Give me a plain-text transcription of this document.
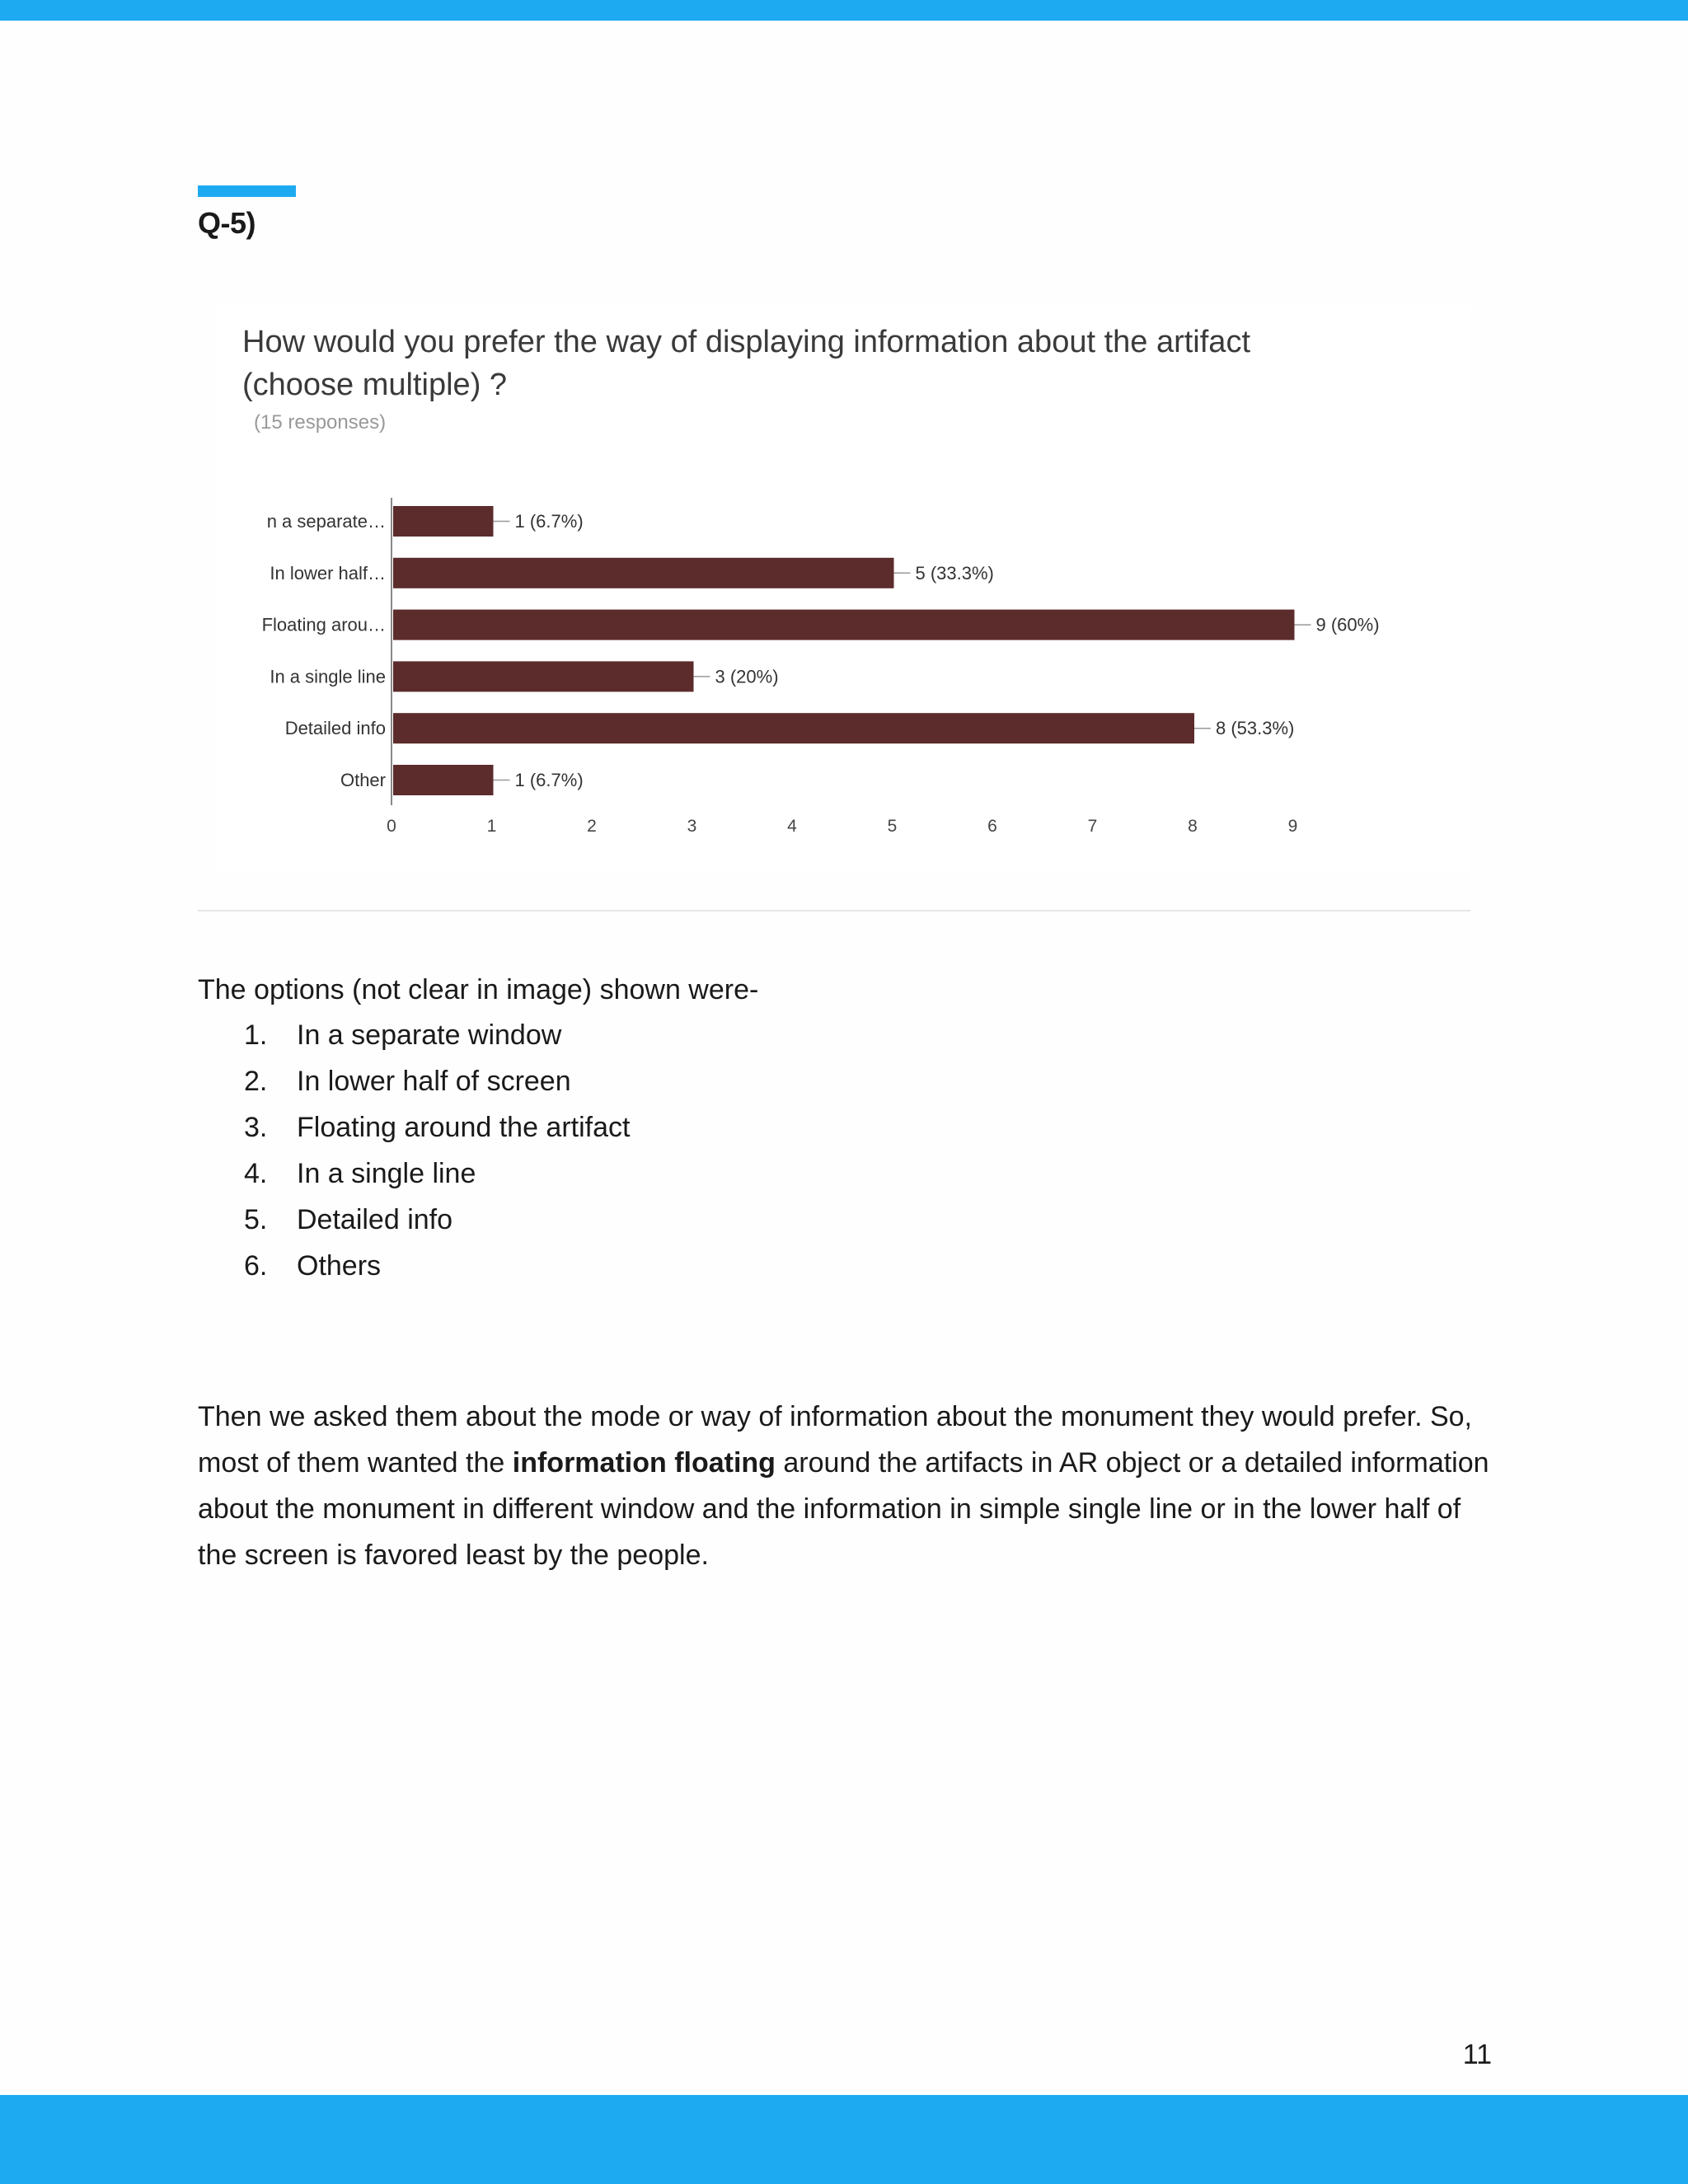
Q-5)
How would you prefer the way of displaying information about the artifact
(choose multiple) ?
(15 responses)
n a separate…	1 (6.7%)
In lower half…	5 (33.3%)
Floating arou…	9 (60%)
In a single line	3 (20%)
Detailed info	8 (53.3%)
Other	1 (6.7%)
0	1	2	3	4	5	6	7	8	9
The options (not clear in image) shown were-
1. In a separate window
2. In lower half of screen
3. Floating around the artifact
4. In a single line
5. Detailed info
6. Others
Then we asked them about the mode or way of information about the monument they would prefer. So, most of them wanted the information floating around the artifacts in AR object or a detailed information about the monument in different window and the information in simple single line or in the lower half of the screen is favored least by the people.
11
